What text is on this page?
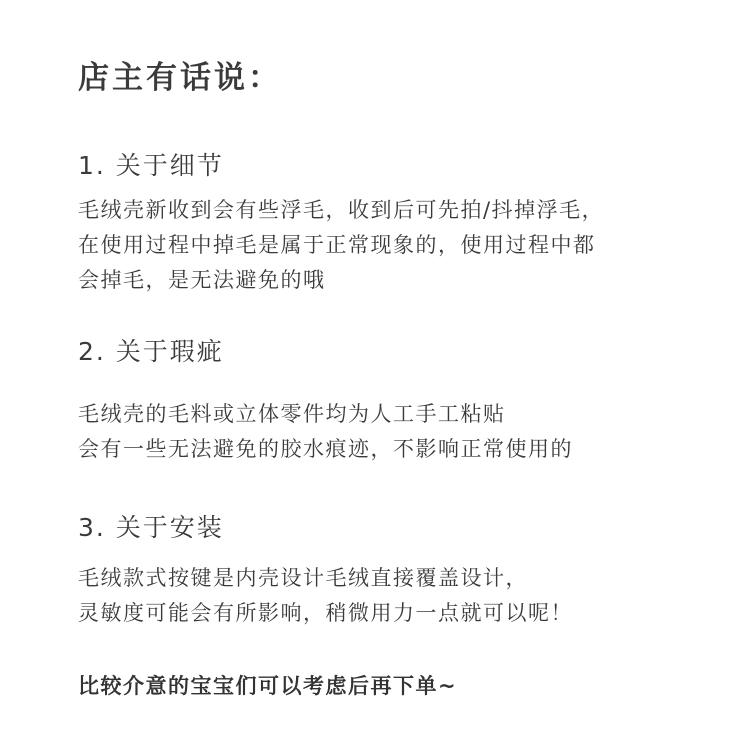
店主有话说：
1. 关于细节
毛绒壳新收到会有些浮毛，收到后可先拍/抖掉浮毛，
在使用过程中掉毛是属于正常现象的，使用过程中都
会掉毛，是无法避免的哦
2. 关于瑕疵
毛绒壳的毛料或立体零件均为人工手工粘贴
会有一些无法避免的胶水痕迹，不影响正常使用的
3. 关于安装
毛绒款式按键是内壳设计毛绒直接覆盖设计，
灵敏度可能会有所影响，稍微用力一点就可以呢！
比较介意的宝宝们可以考虑后再下单~
